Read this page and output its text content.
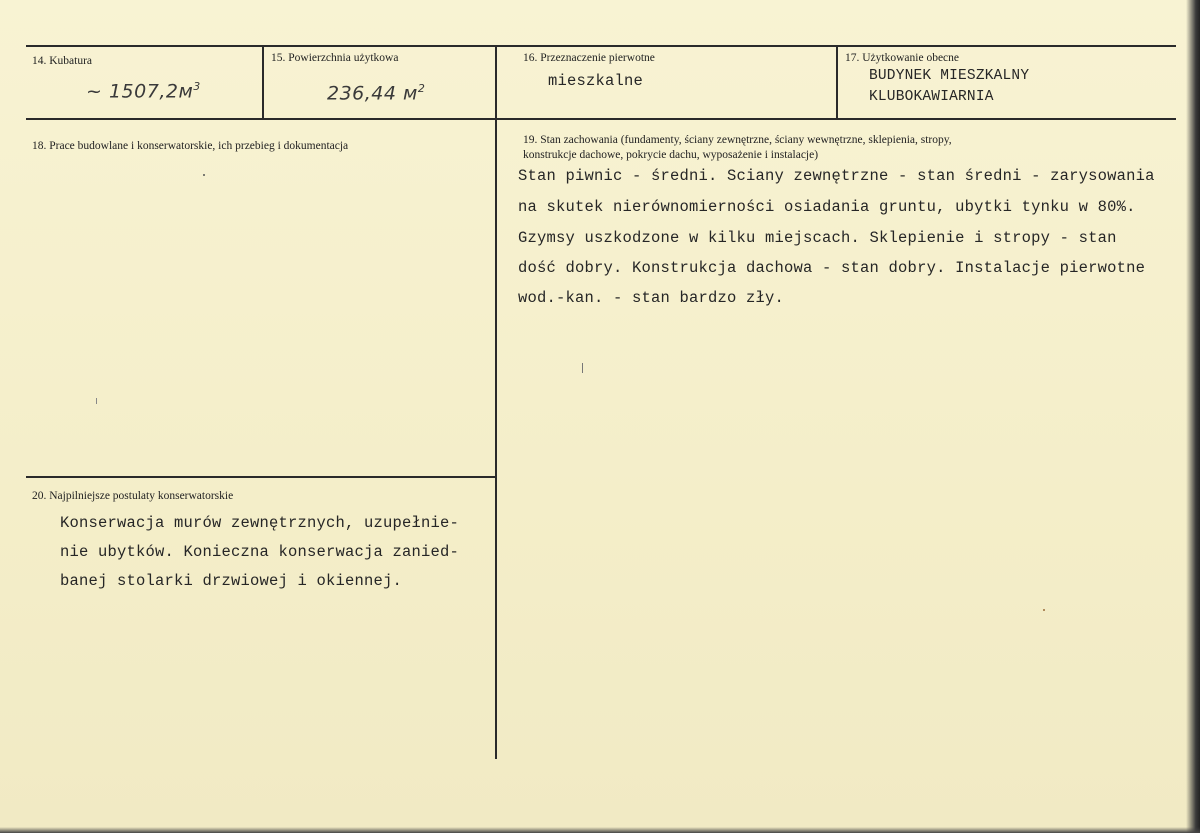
14. Kubatura
~ $1507,2м^3$
15. Powierzchnia użytkowa
236,44 $м^2$
16. Przeznaczenie pierwotne
mieszkalne
17. Użytkowanie obecne
BUDYNEK MIESZKALNY
KLUBOKAWIARNIA
18. Prace budowlane i konserwatorskie, ich przebieg i dokumentacja	19. Stan zachowania (fundamenty, ściany zewnętrzne, ściany wewnętrzne, sklepienia, stropy,
konstrukcje dachowe, pokrycie dachu, wyposażenie i instalacje)
Stan piwnic - średni. Sciany zewnętrzne - stan średni - zarysowania
na skutek nierównomierności osiadania gruntu, ubytki tynku w 80%.
Gzymsy uszkodzone w kilku miejscach. Sklepienie i stropy - stan
dość dobry. Konstrukcja dachowa - stan dobry. Instalacje pierwotne
wod.-kan. - stan bardzo zły.
20. Najpilniejsze postulaty konserwatorskie
Konserwacja murów zewnętrznych, uzupełnie-
nie ubytków. Konieczna konserwacja zanied-
banej stolarki drzwiowej i okiennej.
